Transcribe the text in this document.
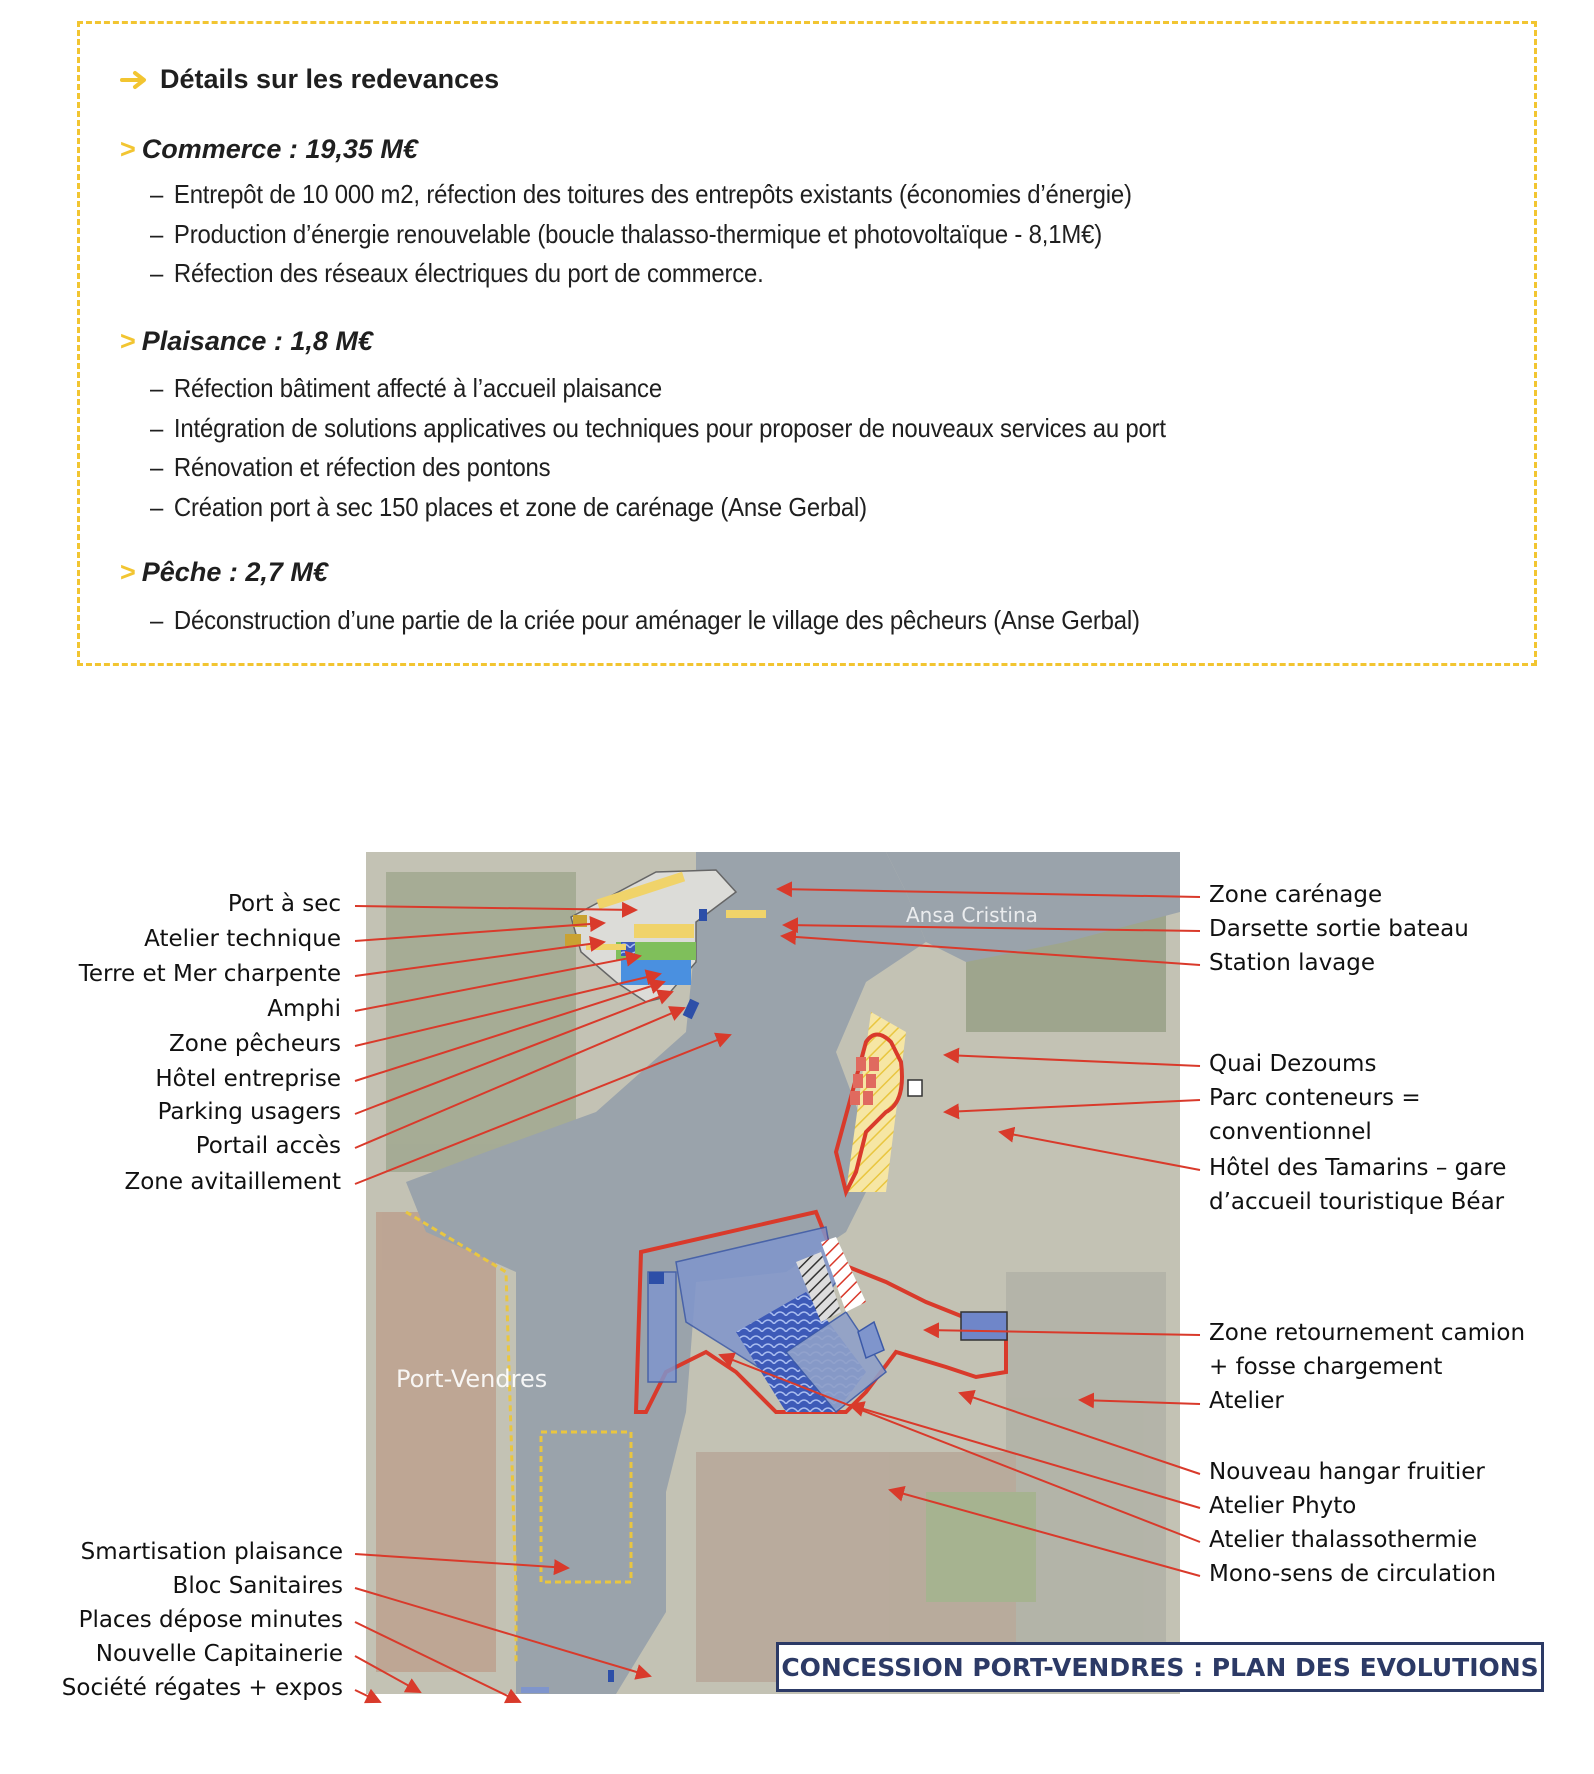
Détails sur les redevances
> Commerce : 19,35 M€
– Entrepôt de 10 000 m2, réfection des toitures des entrepôts existants (économies d’énergie)
– Production d’énergie renouvelable (boucle thalasso-thermique et photovoltaïque - 8,1M€)
– Réfection des réseaux électriques du port de commerce.
> Plaisance : 1,8 M€
– Réfection bâtiment affecté à l’accueil plaisance
– Intégration de solutions applicatives ou techniques pour proposer de nouveaux services au port
– Rénovation et réfection des pontons
– Création port à sec 150 places et zone de carénage (Anse Gerbal)
> Pêche : 2,7 M€
– Déconstruction d’une partie de la criée pour aménager le village des pêcheurs (Anse Gerbal)
Port-Vendres
Ansa Cristina
Port à sec
Atelier technique
Terre et Mer charpente
Amphi
Zone pêcheurs
Hôtel entreprise
Parking usagers
Portail accès
Zone avitaillement
Smartisation plaisance
Bloc Sanitaires
Places dépose minutes
Nouvelle Capitainerie
Société régates + expos
Zone carénage
Darsette sortie bateau
Station lavage
Quai Dezoums
Parc conteneurs =
conventionnel
Hôtel des Tamarins – gare
d’accueil touristique Béar
Zone retournement camion
+ fosse chargement
Atelier
Nouveau hangar fruitier
Atelier Phyto
Atelier thalassothermie
Mono-sens de circulation
CONCESSION PORT-VENDRES : PLAN DES EVOLUTIONS
